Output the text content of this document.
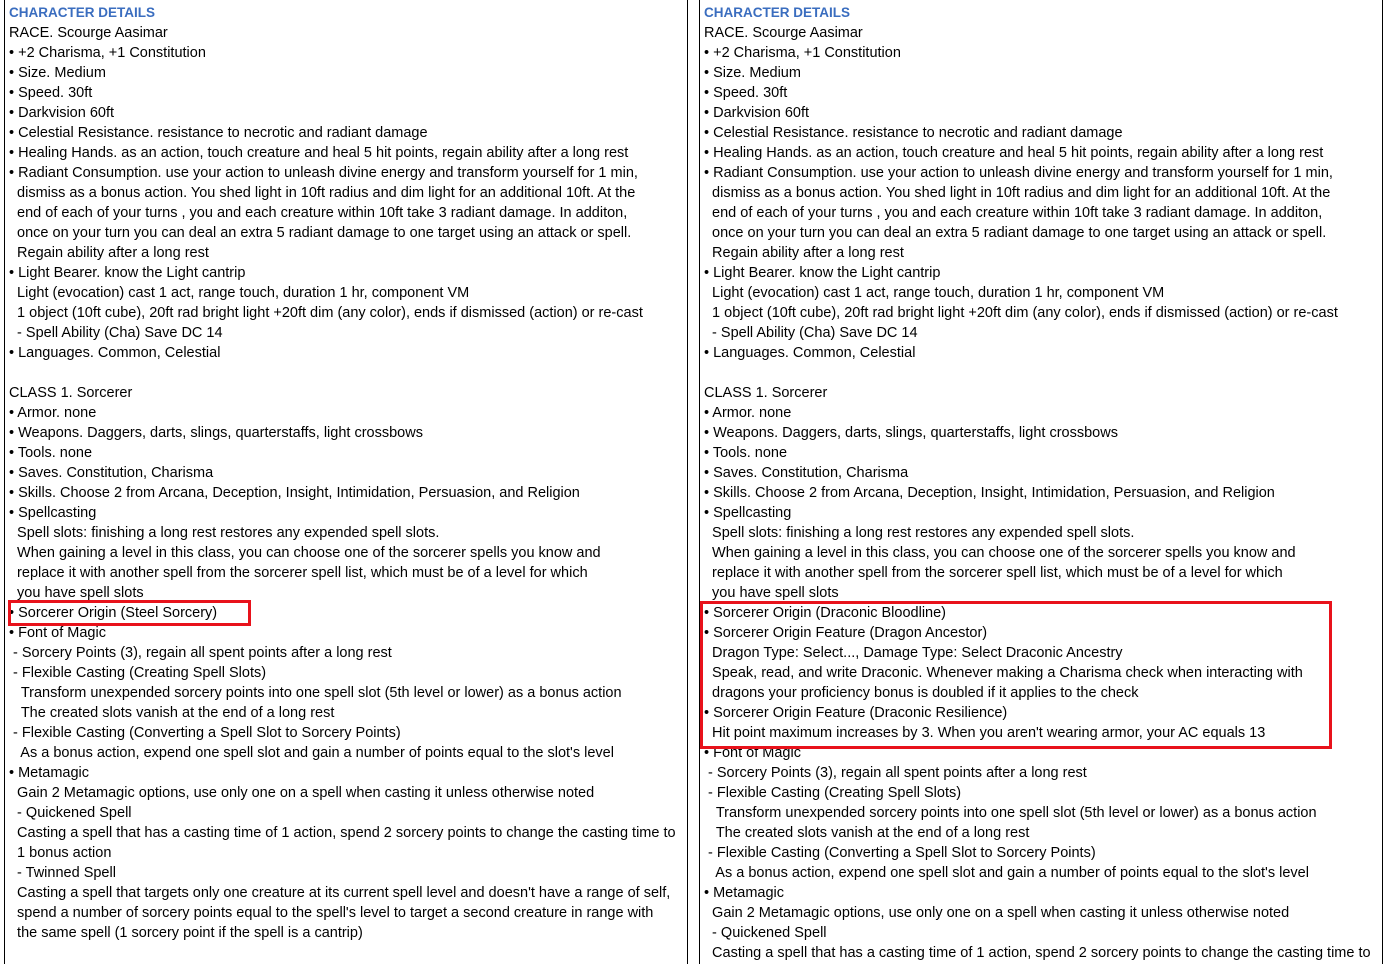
CHARACTER DETAILS
RACE. Scourge Aasimar
• +2 Charisma, +1 Constitution
• Size. Medium
• Speed. 30ft
• Darkvision 60ft
• Celestial Resistance. resistance to necrotic and radiant damage
• Healing Hands. as an action, touch creature and heal 5 hit points, regain ability after a long rest
• Radiant Consumption. use your action to unleash divine energy and transform yourself for 1 min,
dismiss as a bonus action. You shed light in 10ft radius and dim light for an additional 10ft. At the
end of each of your turns , you and each creature within 10ft take 3 radiant damage. In additon,
once on your turn you can deal an extra 5 radiant damage to one target using an attack or spell.
Regain ability after a long rest
• Light Bearer. know the Light cantrip
Light (evocation) cast 1 act, range touch, duration 1 hr, component VM
1 object (10ft cube), 20ft rad bright light +20ft dim (any color), ends if dismissed (action) or re-cast
- Spell Ability (Cha) Save DC 14
• Languages. Common, Celestial
CLASS 1. Sorcerer
• Armor. none
• Weapons. Daggers, darts, slings, quarterstaffs, light crossbows
• Tools. none
• Saves. Constitution, Charisma
• Skills. Choose 2 from Arcana, Deception, Insight, Intimidation, Persuasion, and Religion
• Spellcasting
Spell slots: finishing a long rest restores any expended spell slots.
When gaining a level in this class, you can choose one of the sorcerer spells you know and
replace it with another spell from the sorcerer spell list, which must be of a level for which
you have spell slots
• Sorcerer Origin (Steel Sorcery)
• Font of Magic
- Sorcery Points (3), regain all spent points after a long rest
- Flexible Casting (Creating Spell Slots)
Transform unexpended sorcery points into one spell slot (5th level or lower) as a bonus action
The created slots vanish at the end of a long rest
- Flexible Casting (Converting a Spell Slot to Sorcery Points)
As a bonus action, expend one spell slot and gain a number of points equal to the slot's level
• Metamagic
Gain 2 Metamagic options, use only one on a spell when casting it unless otherwise noted
- Quickened Spell
Casting a spell that has a casting time of 1 action, spend 2 sorcery points to change the casting time to
1 bonus action
- Twinned Spell
Casting a spell that targets only one creature at its current spell level and doesn't have a range of self,
spend a number of sorcery points equal to the spell's level to target a second creature in range with
the same spell (1 sorcery point if the spell is a cantrip)
CHARACTER DETAILS
RACE. Scourge Aasimar
• +2 Charisma, +1 Constitution
• Size. Medium
• Speed. 30ft
• Darkvision 60ft
• Celestial Resistance. resistance to necrotic and radiant damage
• Healing Hands. as an action, touch creature and heal 5 hit points, regain ability after a long rest
• Radiant Consumption. use your action to unleash divine energy and transform yourself for 1 min,
dismiss as a bonus action. You shed light in 10ft radius and dim light for an additional 10ft. At the
end of each of your turns , you and each creature within 10ft take 3 radiant damage. In additon,
once on your turn you can deal an extra 5 radiant damage to one target using an attack or spell.
Regain ability after a long rest
• Light Bearer. know the Light cantrip
Light (evocation) cast 1 act, range touch, duration 1 hr, component VM
1 object (10ft cube), 20ft rad bright light +20ft dim (any color), ends if dismissed (action) or re-cast
- Spell Ability (Cha) Save DC 14
• Languages. Common, Celestial
CLASS 1. Sorcerer
• Armor. none
• Weapons. Daggers, darts, slings, quarterstaffs, light crossbows
• Tools. none
• Saves. Constitution, Charisma
• Skills. Choose 2 from Arcana, Deception, Insight, Intimidation, Persuasion, and Religion
• Spellcasting
Spell slots: finishing a long rest restores any expended spell slots.
When gaining a level in this class, you can choose one of the sorcerer spells you know and
replace it with another spell from the sorcerer spell list, which must be of a level for which
you have spell slots
• Sorcerer Origin (Draconic Bloodline)
• Sorcerer Origin Feature (Dragon Ancestor)
Dragon Type: Select..., Damage Type: Select Draconic Ancestry
Speak, read, and write Draconic. Whenever making a Charisma check when interacting with
dragons your proficiency bonus is doubled if it applies to the check
• Sorcerer Origin Feature (Draconic Resilience)
Hit point maximum increases by 3. When you aren't wearing armor, your AC equals 13
• Font of Magic
- Sorcery Points (3), regain all spent points after a long rest
- Flexible Casting (Creating Spell Slots)
Transform unexpended sorcery points into one spell slot (5th level or lower) as a bonus action
The created slots vanish at the end of a long rest
- Flexible Casting (Converting a Spell Slot to Sorcery Points)
As a bonus action, expend one spell slot and gain a number of points equal to the slot's level
• Metamagic
Gain 2 Metamagic options, use only one on a spell when casting it unless otherwise noted
- Quickened Spell
Casting a spell that has a casting time of 1 action, spend 2 sorcery points to change the casting time to
